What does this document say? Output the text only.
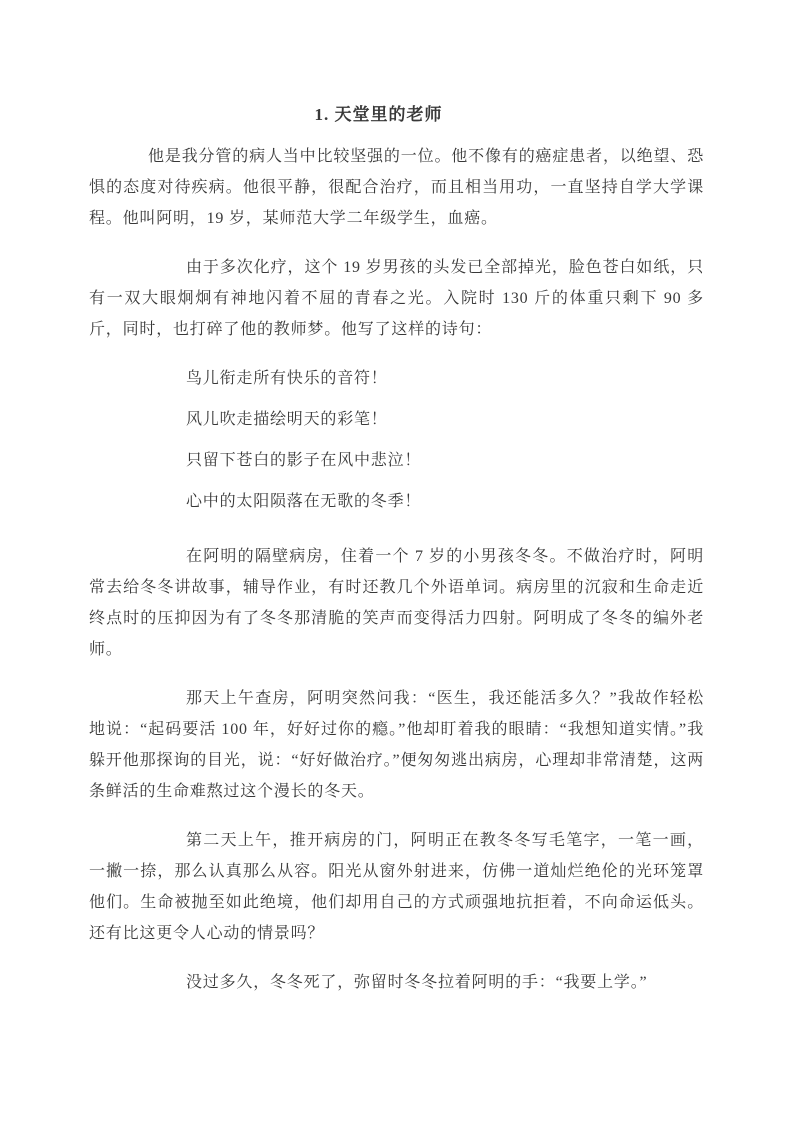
1. 天堂里的老师

他是我分管的病人当中比较坚强的一位。他不像有的癌症患者，以绝望、恐惧的态度对待疾病。他很平静，很配合治疗，而且相当用功，一直坚持自学大学课程。他叫阿明，19 岁，某师范大学二年级学生，血癌。

由于多次化疗，这个 19 岁男孩的头发已全部掉光，脸色苍白如纸，只有一双大眼炯炯有神地闪着不屈的青春之光。入院时 130 斤的体重只剩下 90 多斤，同时，也打碎了他的教师梦。他写了这样的诗句：

鸟儿衔走所有快乐的音符！

风儿吹走描绘明天的彩笔！

只留下苍白的影子在风中悲泣！

心中的太阳陨落在无歌的冬季！

在阿明的隔壁病房，住着一个 7 岁的小男孩冬冬。不做治疗时，阿明常去给冬冬讲故事，辅导作业，有时还教几个外语单词。病房里的沉寂和生命走近终点时的压抑因为有了冬冬那清脆的笑声而变得活力四射。阿明成了冬冬的编外老师。

那天上午查房，阿明突然问我：“医生，我还能活多久？”我故作轻松地说：“起码要活 100 年，好好过你的瘾。”他却盯着我的眼睛：“我想知道实情。”我躲开他那探询的目光，说：“好好做治疗。”便匆匆逃出病房，心理却非常清楚，这两条鲜活的生命难熬过这个漫长的冬天。

第二天上午，推开病房的门，阿明正在教冬冬写毛笔字，一笔一画，一撇一捺，那么认真那么从容。阳光从窗外射进来，仿佛一道灿烂绝伦的光环笼罩他们。生命被抛至如此绝境，他们却用自己的方式顽强地抗拒着，不向命运低头。还有比这更令人心动的情景吗？

没过多久，冬冬死了，弥留时冬冬拉着阿明的手：“我要上学。”
